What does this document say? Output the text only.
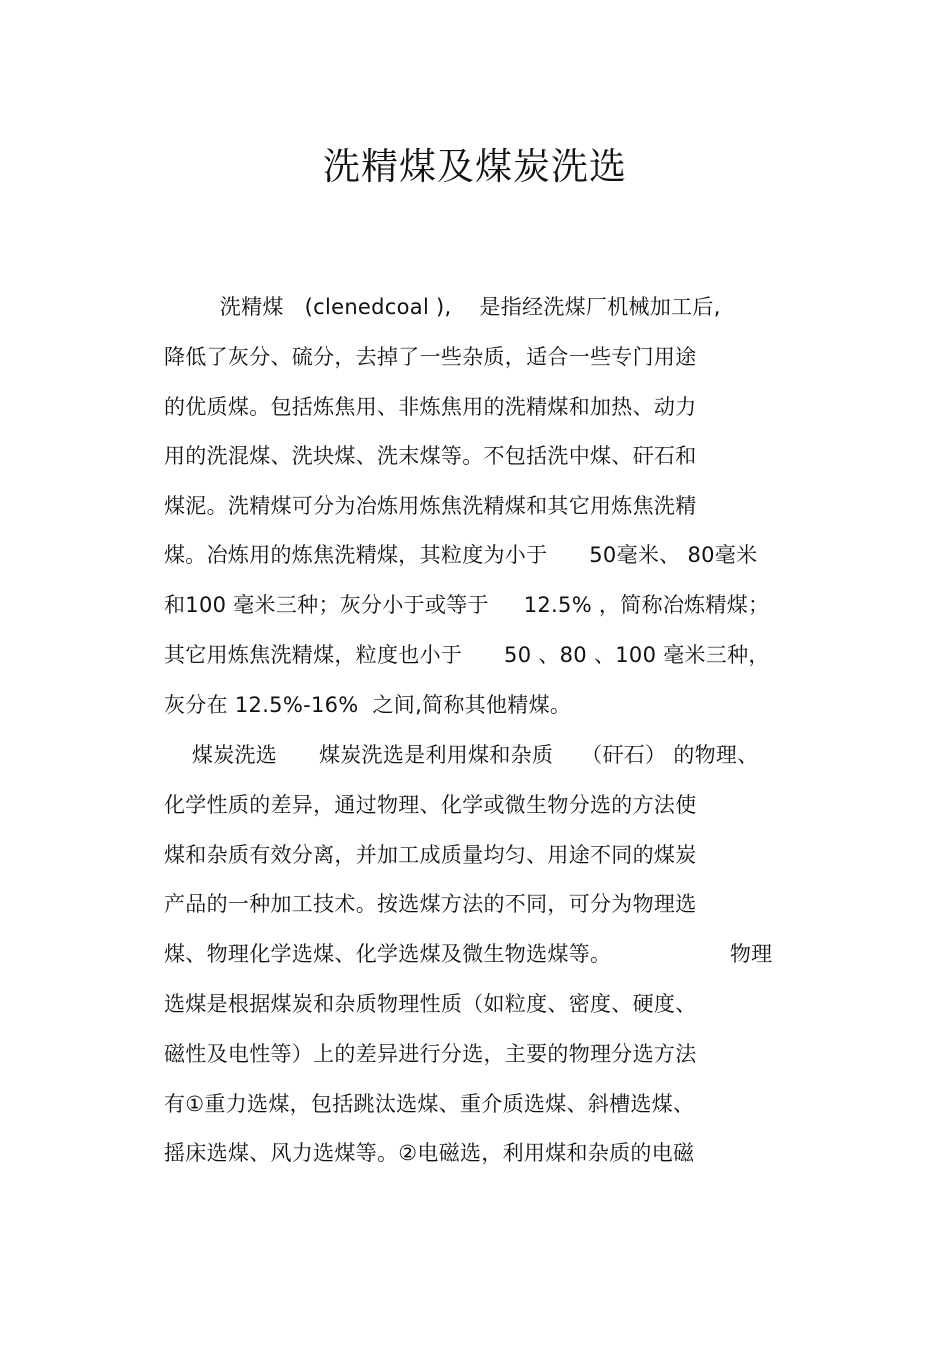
洗精煤及煤炭洗选
洗精煤   (clenedcoal ),    是指经洗煤厂机械加工后,
降低了灰分、硫分，去掉了一些杂质，适合一些专门用途
的优质煤。包括炼焦用、非炼焦用的洗精煤和加热、动力
用的洗混煤、洗块煤、洗末煤等。不包括洗中煤、矸石和
煤泥。洗精煤可分为冶炼用炼焦洗精煤和其它用炼焦洗精
煤。冶炼用的炼焦洗精煤，其粒度为小于      50毫米、 80毫米
和100 毫米三种；灰分小于或等于     12.5% ，简称冶炼精煤；
其它用炼焦洗精煤，粒度也小于      50 、80 、100 毫米三种，
灰分在 12.5%-16%  之间,简称其他精煤。
煤炭洗选      煤炭洗选是利用煤和杂质    （矸石） 的物理、
化学性质的差异，通过物理、化学或微生物分选的方法使
煤和杂质有效分离，并加工成质量均匀、用途不同的煤炭
产品的一种加工技术。按选煤方法的不同，可分为物理选
煤、物理化学选煤、化学选煤及微生物选煤等。                 物理
选煤是根据煤炭和杂质物理性质（如粒度、密度、硬度、
磁性及电性等）上的差异进行分选，主要的物理分选方法
有①重力选煤，包括跳汰选煤、重介质选煤、斜槽选煤、
摇床选煤、风力选煤等。②电磁选，利用煤和杂质的电磁
